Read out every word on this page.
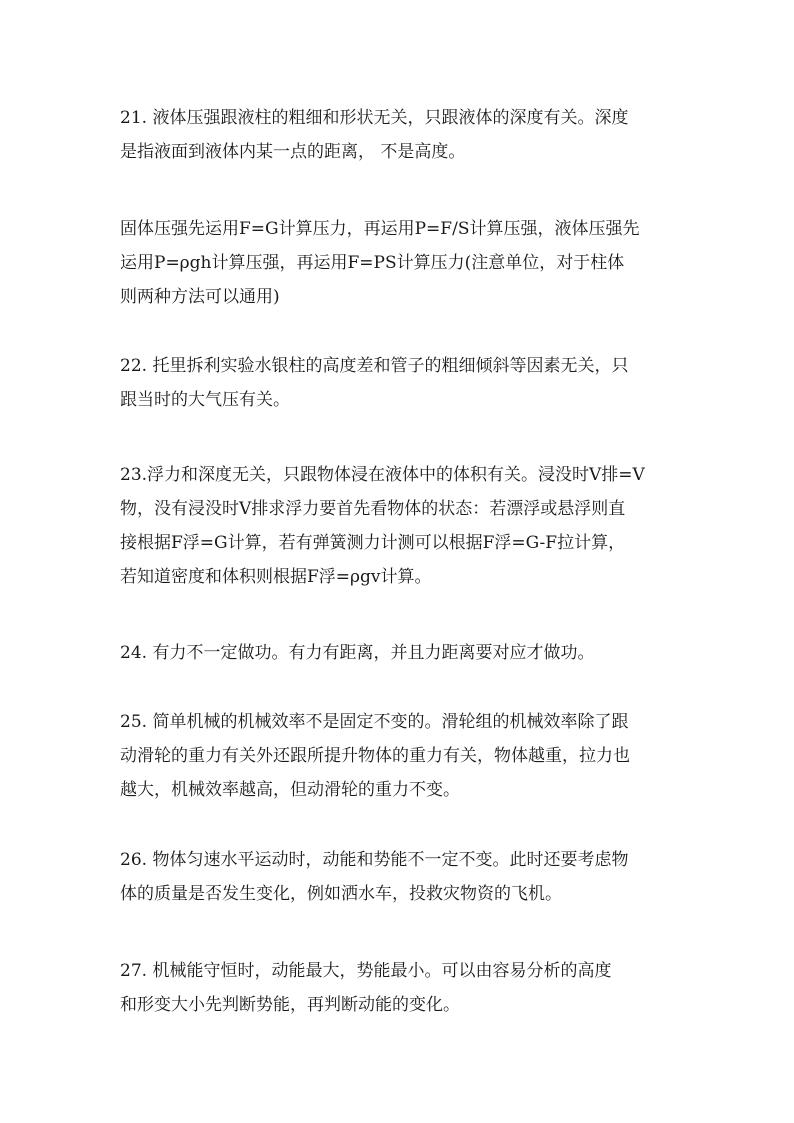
21. 液体压强跟液柱的粗细和形状无关，只跟液体的深度有关。深度
是指液面到液体内某一点的距离， 不是高度。
固体压强先运用F=G计算压力，再运用P=F/S计算压强，液体压强先
运用P=ρgh计算压强，再运用F=PS计算压力(注意单位，对于柱体
则两种方法可以通用)
22. 托里拆利实验水银柱的高度差和管子的粗细倾斜等因素无关，只
跟当时的大气压有关。
23.浮力和深度无关，只跟物体浸在液体中的体积有关。浸没时V排=V
物，没有浸没时V排求浮力要首先看物体的状态：若漂浮或悬浮则直
接根据F浮=G计算，若有弹簧测力计测可以根据F浮=G-F拉计算，
若知道密度和体积则根据F浮=ρgv计算。
24. 有力不一定做功。有力有距离，并且力距离要对应才做功。
25. 简单机械的机械效率不是固定不变的。滑轮组的机械效率除了跟
动滑轮的重力有关外还跟所提升物体的重力有关，物体越重，拉力也
越大，机械效率越高，但动滑轮的重力不变。
26. 物体匀速水平运动时，动能和势能不一定不变。此时还要考虑物
体的质量是否发生变化，例如洒水车，投救灾物资的飞机。
27. 机械能守恒时，动能最大，势能最小。可以由容易分析的高度
和形变大小先判断势能，再判断动能的变化。
